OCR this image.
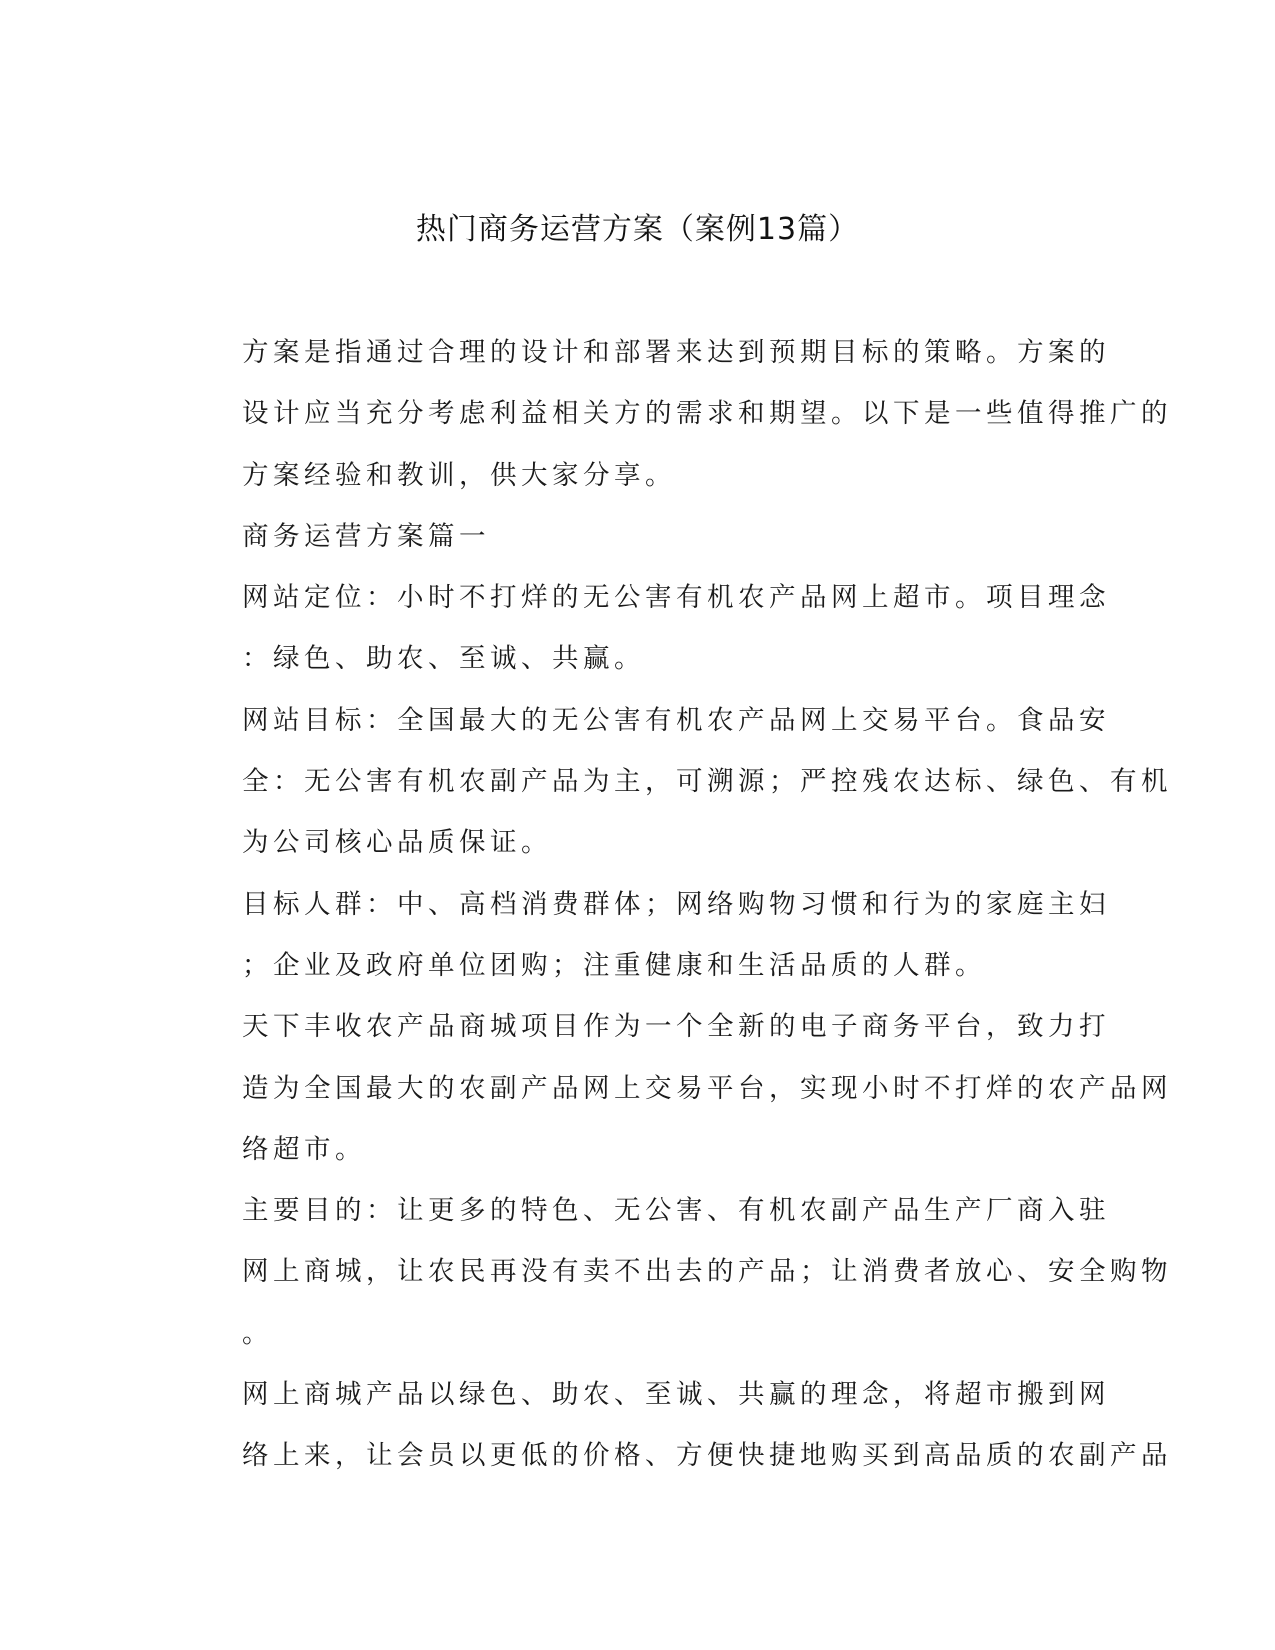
热门商务运营方案（案例13篇）

方案是指通过合理的设计和部署来达到预期目标的策略。方案的
设计应当充分考虑利益相关方的需求和期望。以下是一些值得推广的
方案经验和教训，供大家分享。

商务运营方案篇一

网站定位：小时不打烊的无公害有机农产品网上超市。项目理念
：绿色、助农、至诚、共赢。

网站目标：全国最大的无公害有机农产品网上交易平台。食品安
全：无公害有机农副产品为主，可溯源；严控残农达标、绿色、有机
为公司核心品质保证。

目标人群：中、高档消费群体；网络购物习惯和行为的家庭主妇
；企业及政府单位团购；注重健康和生活品质的人群。

天下丰收农产品商城项目作为一个全新的电子商务平台，致力打
造为全国最大的农副产品网上交易平台，实现小时不打烊的农产品网
络超市。

主要目的：让更多的特色、无公害、有机农副产品生产厂商入驻
网上商城，让农民再没有卖不出去的产品；让消费者放心、安全购物
。

网上商城产品以绿色、助农、至诚、共赢的理念，将超市搬到网
络上来，让会员以更低的价格、方便快捷地购买到高品质的农副产品
